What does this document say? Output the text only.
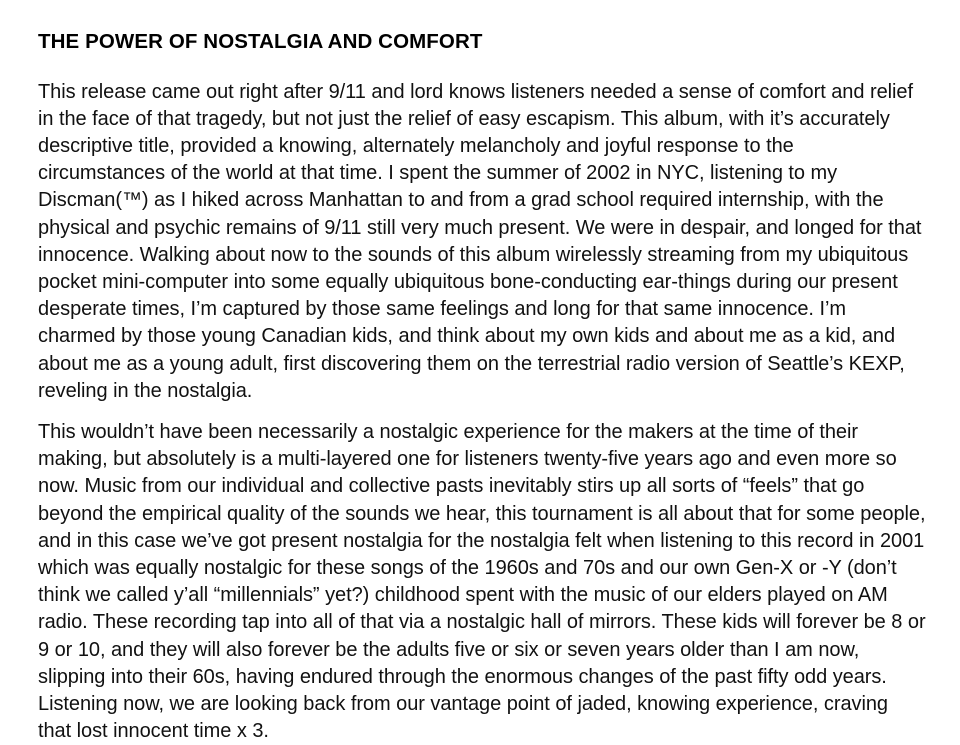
THE POWER OF NOSTALGIA AND COMFORT

This release came out right after 9/11 and lord knows listeners needed a sense of comfort and relief in the face of that tragedy, but not just the relief of easy escapism. This album, with it’s accurately descriptive title, provided a knowing, alternately melancholy and joyful response to the circumstances of the world at that time. I spent the summer of 2002 in NYC, listening to my Discman(™) as I hiked across Manhattan to and from a grad school required internship, with the physical and psychic remains of 9/11 still very much present. We were in despair, and longed for that innocence. Walking about now to the sounds of this album wirelessly streaming from my ubiquitous pocket mini-computer into some equally ubiquitous bone-conducting ear-things during our present desperate times, I’m captured by those same feelings and long for that same innocence. I’m charmed by those young Canadian kids, and think about my own kids and about me as a kid, and about me as a young adult, first discovering them on the terrestrial radio version of Seattle’s KEXP, reveling in the nostalgia.

This wouldn’t have been necessarily a nostalgic experience for the makers at the time of their making, but absolutely is a multi-layered one for listeners twenty-five years ago and even more so now. Music from our individual and collective pasts inevitably stirs up all sorts of “feels” that go beyond the empirical quality of the sounds we hear, this tournament is all about that for some people, and in this case we’ve got present nostalgia for the nostalgia felt when listening to this record in 2001 which was equally nostalgic for these songs of the 1960s and 70s and our own Gen-X or -Y (don’t think we called y’all “millennials” yet?) childhood spent with the music of our elders played on AM radio. These recording tap into all of that via a nostalgic hall of mirrors. These kids will forever be 8 or 9 or 10, and they will also forever be the adults five or six or seven years older than I am now, slipping into their 60s, having endured through the enormous changes of the past fifty odd years. Listening now, we are looking back from our vantage point of jaded, knowing experience, craving that lost innocent time x 3.
